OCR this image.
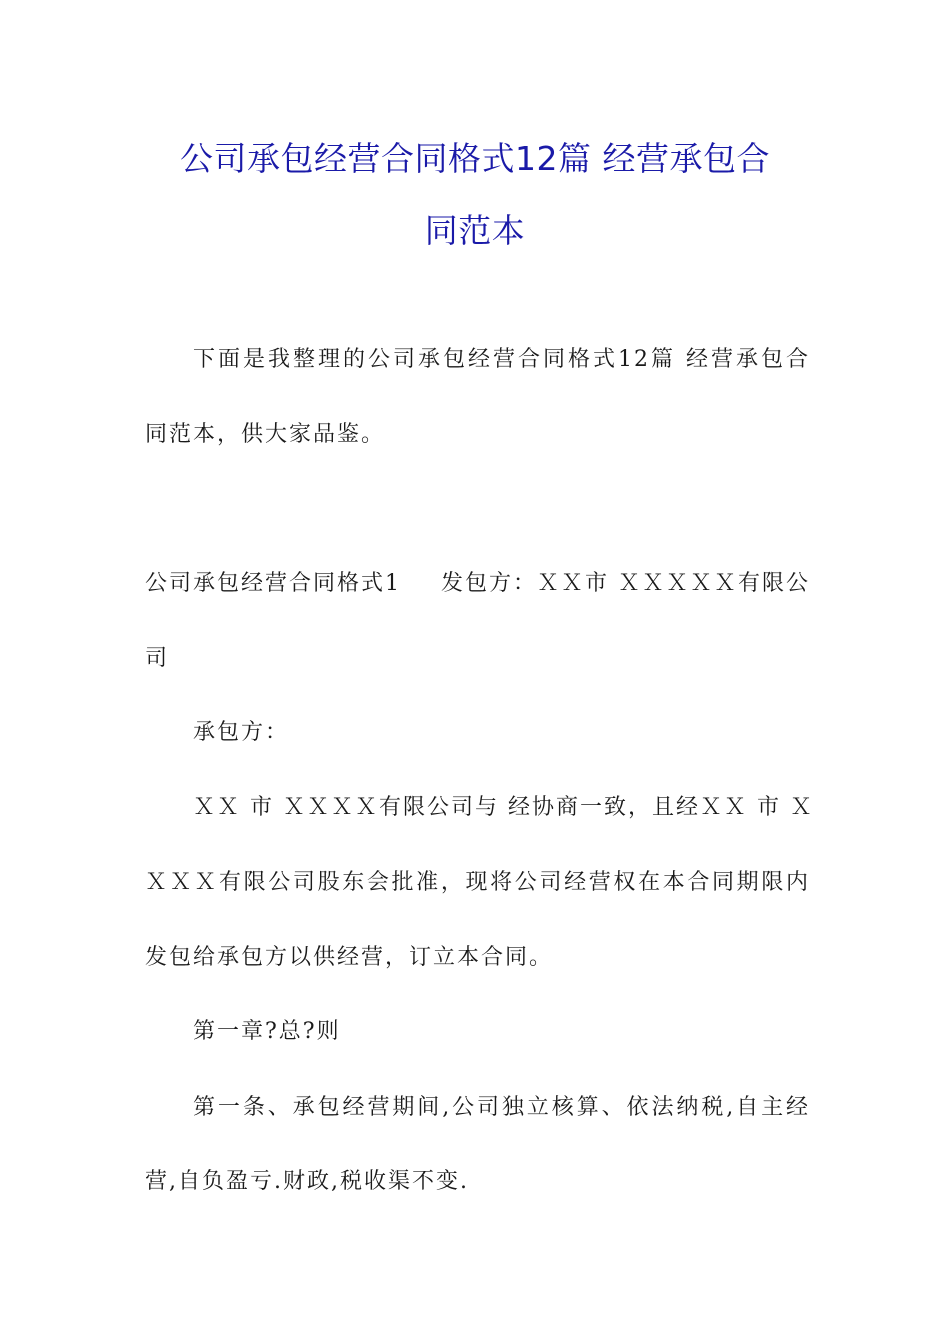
公司承包经营合同格式12篇 经营承包合
同范本
下面是我整理的公司承包经营合同格式12篇 经营承包合
同范本，供大家品鉴。
公司承包经营合同格式1 发包方：ＸＸ市 ＸＸＸＸＸ有限公
司
承包方：
ＸＸ 市 ＸＸＸＸ有限公司与 经协商一致，且经ＸＸ 市 Ｘ
ＸＸＸ有限公司股东会批准，现将公司经营权在本合同期限内
发包给承包方以供经营，订立本合同。
第一章?总?则
第一条、承包经营期间,公司独立核算、依法纳税,自主经
营,自负盈亏.财政,税收渠不变.
